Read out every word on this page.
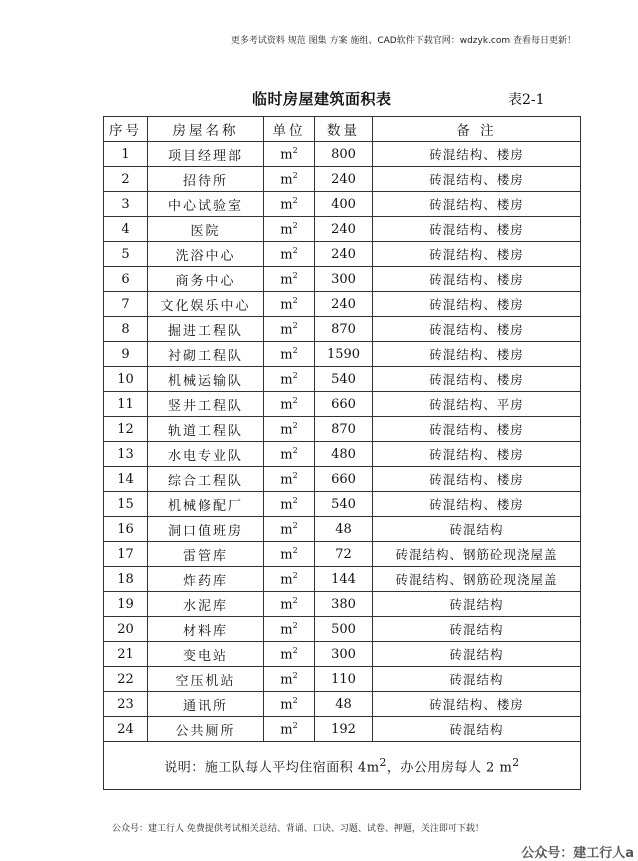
更多考试资料 规范 图集 方案 施组、CAD软件下载官网：wdzyk.com 查看每日更新！
临时房屋建筑面积表	表2-1
序号	房屋名称	单位	数量	备 注
1	项目经理部	$m^2$	800	砖混结构、楼房
2	招待所	$m^2$	240	砖混结构、楼房
3	中心试验室	$m^2$	400	砖混结构、楼房
4	医院	$m^2$	240	砖混结构、楼房
5	洗浴中心	$m^2$	240	砖混结构、楼房
6	商务中心	$m^2$	300	砖混结构、楼房
7	文化娱乐中心	$m^2$	240	砖混结构、楼房
8	掘进工程队	$m^2$	870	砖混结构、楼房
9	衬砌工程队	$m^2$	1590	砖混结构、楼房
10	机械运输队	$m^2$	540	砖混结构、楼房
11	竖井工程队	$m^2$	660	砖混结构、平房
12	轨道工程队	$m^2$	870	砖混结构、楼房
13	水电专业队	$m^2$	480	砖混结构、楼房
14	综合工程队	$m^2$	660	砖混结构、楼房
15	机械修配厂	$m^2$	540	砖混结构、楼房
16	洞口值班房	$m^2$	48	砖混结构
17	雷管库	$m^2$	72	砖混结构、钢筋砼现浇屋盖
18	炸药库	$m^2$	144	砖混结构、钢筋砼现浇屋盖
19	水泥库	$m^2$	380	砖混结构
20	材料库	$m^2$	500	砖混结构
21	变电站	$m^2$	300	砖混结构
22	空压机站	$m^2$	110	砖混结构
23	通讯所	$m^2$	48	砖混结构、楼房
24	公共厕所	$m^2$	192	砖混结构
说明：施工队每人平均住宿面积 $4m^2$，办公用房每人 2 $m^2$
公众号：建工行人 免费提供考试相关总结、背诵、口诀、习题、试卷、押题，关注即可下载！
公众号：建工行人a
